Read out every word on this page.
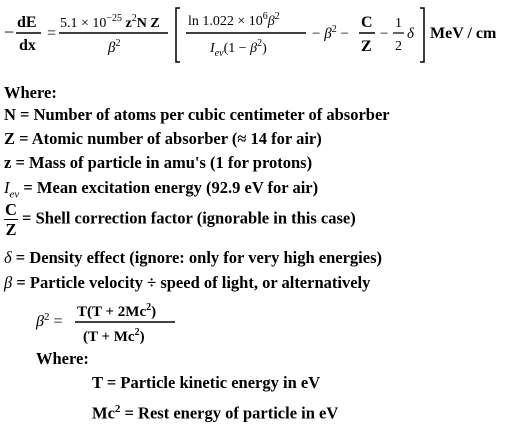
− dE
dx
=
$5.1 \times 10^{-25}$ $z^2N$ Z
$\beta^2$
$\ln 1.022 \times 10^6\beta^2$
$I_{ev}(1 - \beta^2)$
− $\beta^2$ −
C
Z
−
1
2
δ MeV / cm
Where:
N = Number of atoms per cubic centimeter of absorber
Z = Atomic number of absorber (≈ 14 for air)
z = Mass of particle in amu's (1 for protons)
$I_{ev}$ = Mean excitation energy (92.9 eV for air)
$\frac{C}{Z}$ = Shell correction factor (ignorable in this case)
δ = Density effect (ignore: only for very high energies)
β = Particle velocity ÷ speed of light, or alternatively
$\beta^2$ =
$T(T + 2Mc^2)$
$(T + Mc^2)$
Where:
T = Particle kinetic energy in eV
$Mc^2$ = Rest energy of particle in eV
